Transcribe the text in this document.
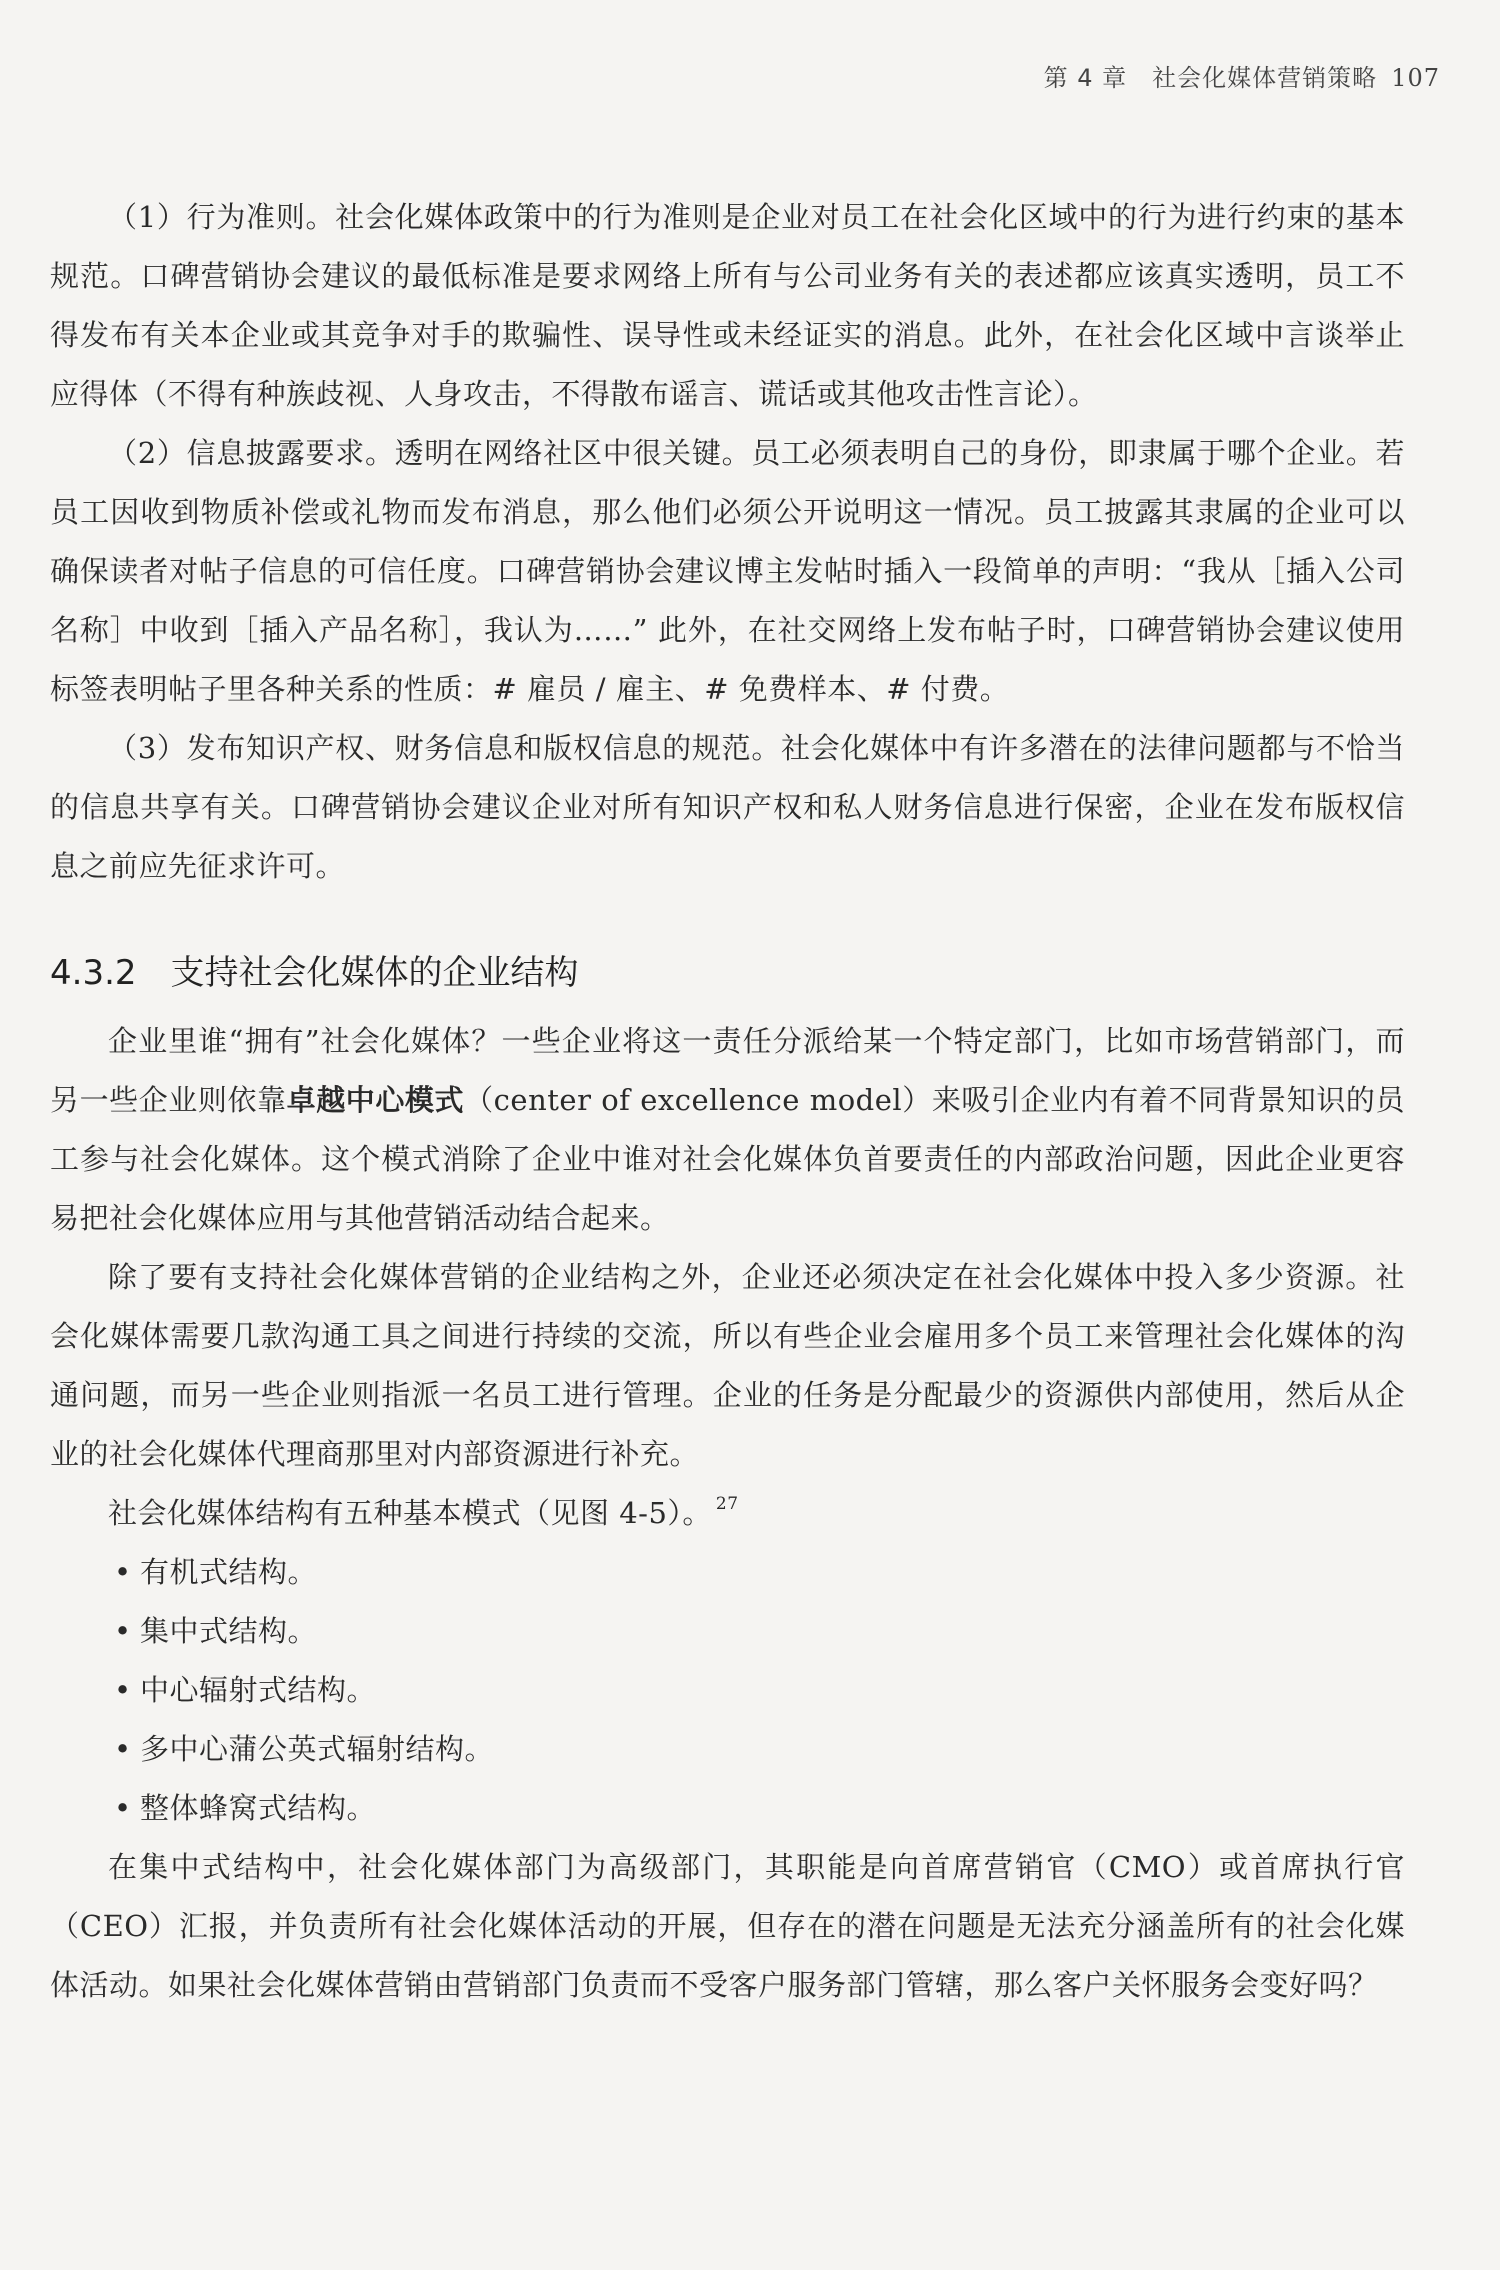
第 4 章　社会化媒体营销策略 107

（1）行为准则。社会化媒体政策中的行为准则是企业对员工在社会化区域中的行为进行约束的基本规范。口碑营销协会建议的最低标准是要求网络上所有与公司业务有关的表述都应该真实透明，员工不得发布有关本企业或其竞争对手的欺骗性、误导性或未经证实的消息。此外，在社会化区域中言谈举止应得体（不得有种族歧视、人身攻击，不得散布谣言、谎话或其他攻击性言论）。

（2）信息披露要求。透明在网络社区中很关键。员工必须表明自己的身份，即隶属于哪个企业。若员工因收到物质补偿或礼物而发布消息，那么他们必须公开说明这一情况。员工披露其隶属的企业可以确保读者对帖子信息的可信任度。口碑营销协会建议博主发帖时插入一段简单的声明：“我从［插入公司名称］中收到［插入产品名称］，我认为……” 此外，在社交网络上发布帖子时，口碑营销协会建议使用标签表明帖子里各种关系的性质：# 雇员 / 雇主、# 免费样本、# 付费。

（3）发布知识产权、财务信息和版权信息的规范。社会化媒体中有许多潜在的法律问题都与不恰当的信息共享有关。口碑营销协会建议企业对所有知识产权和私人财务信息进行保密，企业在发布版权信息之前应先征求许可。

4.3.2 支持社会化媒体的企业结构

企业里谁“拥有”社会化媒体？一些企业将这一责任分派给某一个特定部门，比如市场营销部门，而另一些企业则依靠卓越中心模式（center of excellence model）来吸引企业内有着不同背景知识的员工参与社会化媒体。这个模式消除了企业中谁对社会化媒体负首要责任的内部政治问题，因此企业更容易把社会化媒体应用与其他营销活动结合起来。

除了要有支持社会化媒体营销的企业结构之外，企业还必须决定在社会化媒体中投入多少资源。社会化媒体需要几款沟通工具之间进行持续的交流，所以有些企业会雇用多个员工来管理社会化媒体的沟通问题，而另一些企业则指派一名员工进行管理。企业的任务是分配最少的资源供内部使用，然后从企业的社会化媒体代理商那里对内部资源进行补充。

社会化媒体结构有五种基本模式（见图 4-5）。 $^{27}$

• 有机式结构。
• 集中式结构。
• 中心辐射式结构。
• 多中心蒲公英式辐射结构。
• 整体蜂窝式结构。

在集中式结构中，社会化媒体部门为高级部门，其职能是向首席营销官（CMO）或首席执行官（CEO）汇报，并负责所有社会化媒体活动的开展，但存在的潜在问题是无法充分涵盖所有的社会化媒体活动。如果社会化媒体营销由营销部门负责而不受客户服务部门管辖，那么客户关怀服务会变好吗？
